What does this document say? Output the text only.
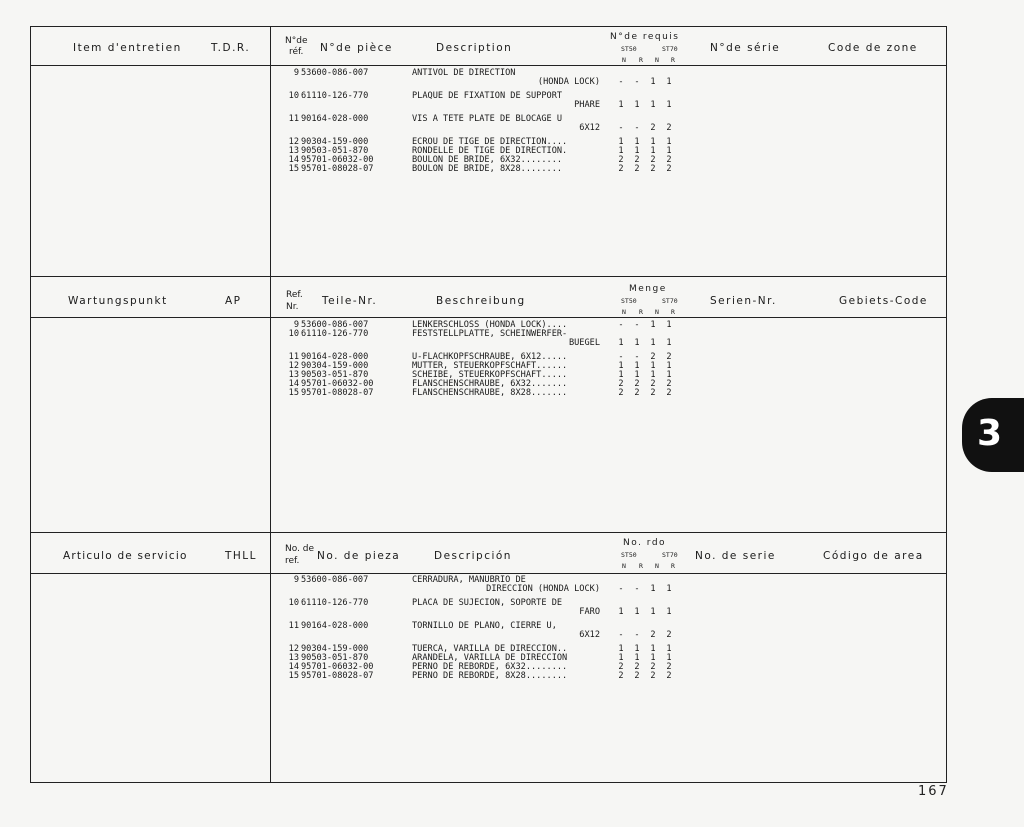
Item d'entretien	T.D.R.
N°de
réf. N°de pièce	Description
N°de requis
ST50	ST70
N R N R
N°de série	Code de zone
9 53600-086-007	ANTIVOL DE DIRECTION
(HONDA LOCK)	-	-	1	1
10 61110-126-770	PLAQUE DE FIXATION DE SUPPORT
PHARE	1	1	1	1
11 90164-028-000	VIS A TETE PLATE DE BLOCAGE U
6X12	-	-	2	2
12 90304-159-000	ECROU DE TIGE DE DIRECTION....	1	1	1	1
13 90503-051-870	RONDELLE DE TIGE DE DIRECTION.	1	1	1	1
14 95701-06032-00	BOULON DE BRIDE, 6X32........	2	2	2	2
15 95701-08028-07	BOULON DE BRIDE, 8X28........	2	2	2	2
Wartungspunkt	AP	Ref.
Nr. Teile-Nr.	Beschreibung
Menge
ST50	ST70
N R N R
Serien-Nr.	Gebiets-Code
9 53600-086-007	LENKERSCHLOSS (HONDA LOCK)....	-	-	1	1
10 61110-126-770	FESTSTELLPLATTE, SCHEINWERFER-
BUEGEL	1	1	1	1
11 90164-028-000	U-FLACHKOPFSCHRAUBE, 6X12.....	-	-	2	2
12 90304-159-000	MUTTER, STEUERKOPFSCHAFT......	1	1	1	1
13 90503-051-870	SCHEIBE, STEUERKOPFSCHAFT.....	1	1	1	1
14 95701-06032-00	FLANSCHENSCHRAUBE, 6X32.......	2	2	2	2
15 95701-08028-07	FLANSCHENSCHRAUBE, 8X28.......	2	2	2	2
Articulo de servicio	THLL
No. de
ref. No. de pieza	Descripción
No. rdo
ST50	ST70
N R N R
No. de serie	Código de area
9 53600-086-007	CERRADURA, MANUBRIO DE
DIRECCION (HONDA LOCK)	-	-	1	1
10 61110-126-770	PLACA DE SUJECION, SOPORTE DE
FARO	1	1	1	1
11 90164-028-000	TORNILLO DE PLANO, CIERRE U,
6X12	-	-	2	2
12 90304-159-000	TUERCA, VARILLA DE DIRECCION..	1	1	1	1
13 90503-051-870	ARANDELA, VARILLA DE DIRECCION	1	1	1	1
14 95701-06032-00	PERNO DE REBORDE, 6X32........	2	2	2	2
15 95701-08028-07	PERNO DE REBORDE, 8X28........	2	2	2	2
167
3
